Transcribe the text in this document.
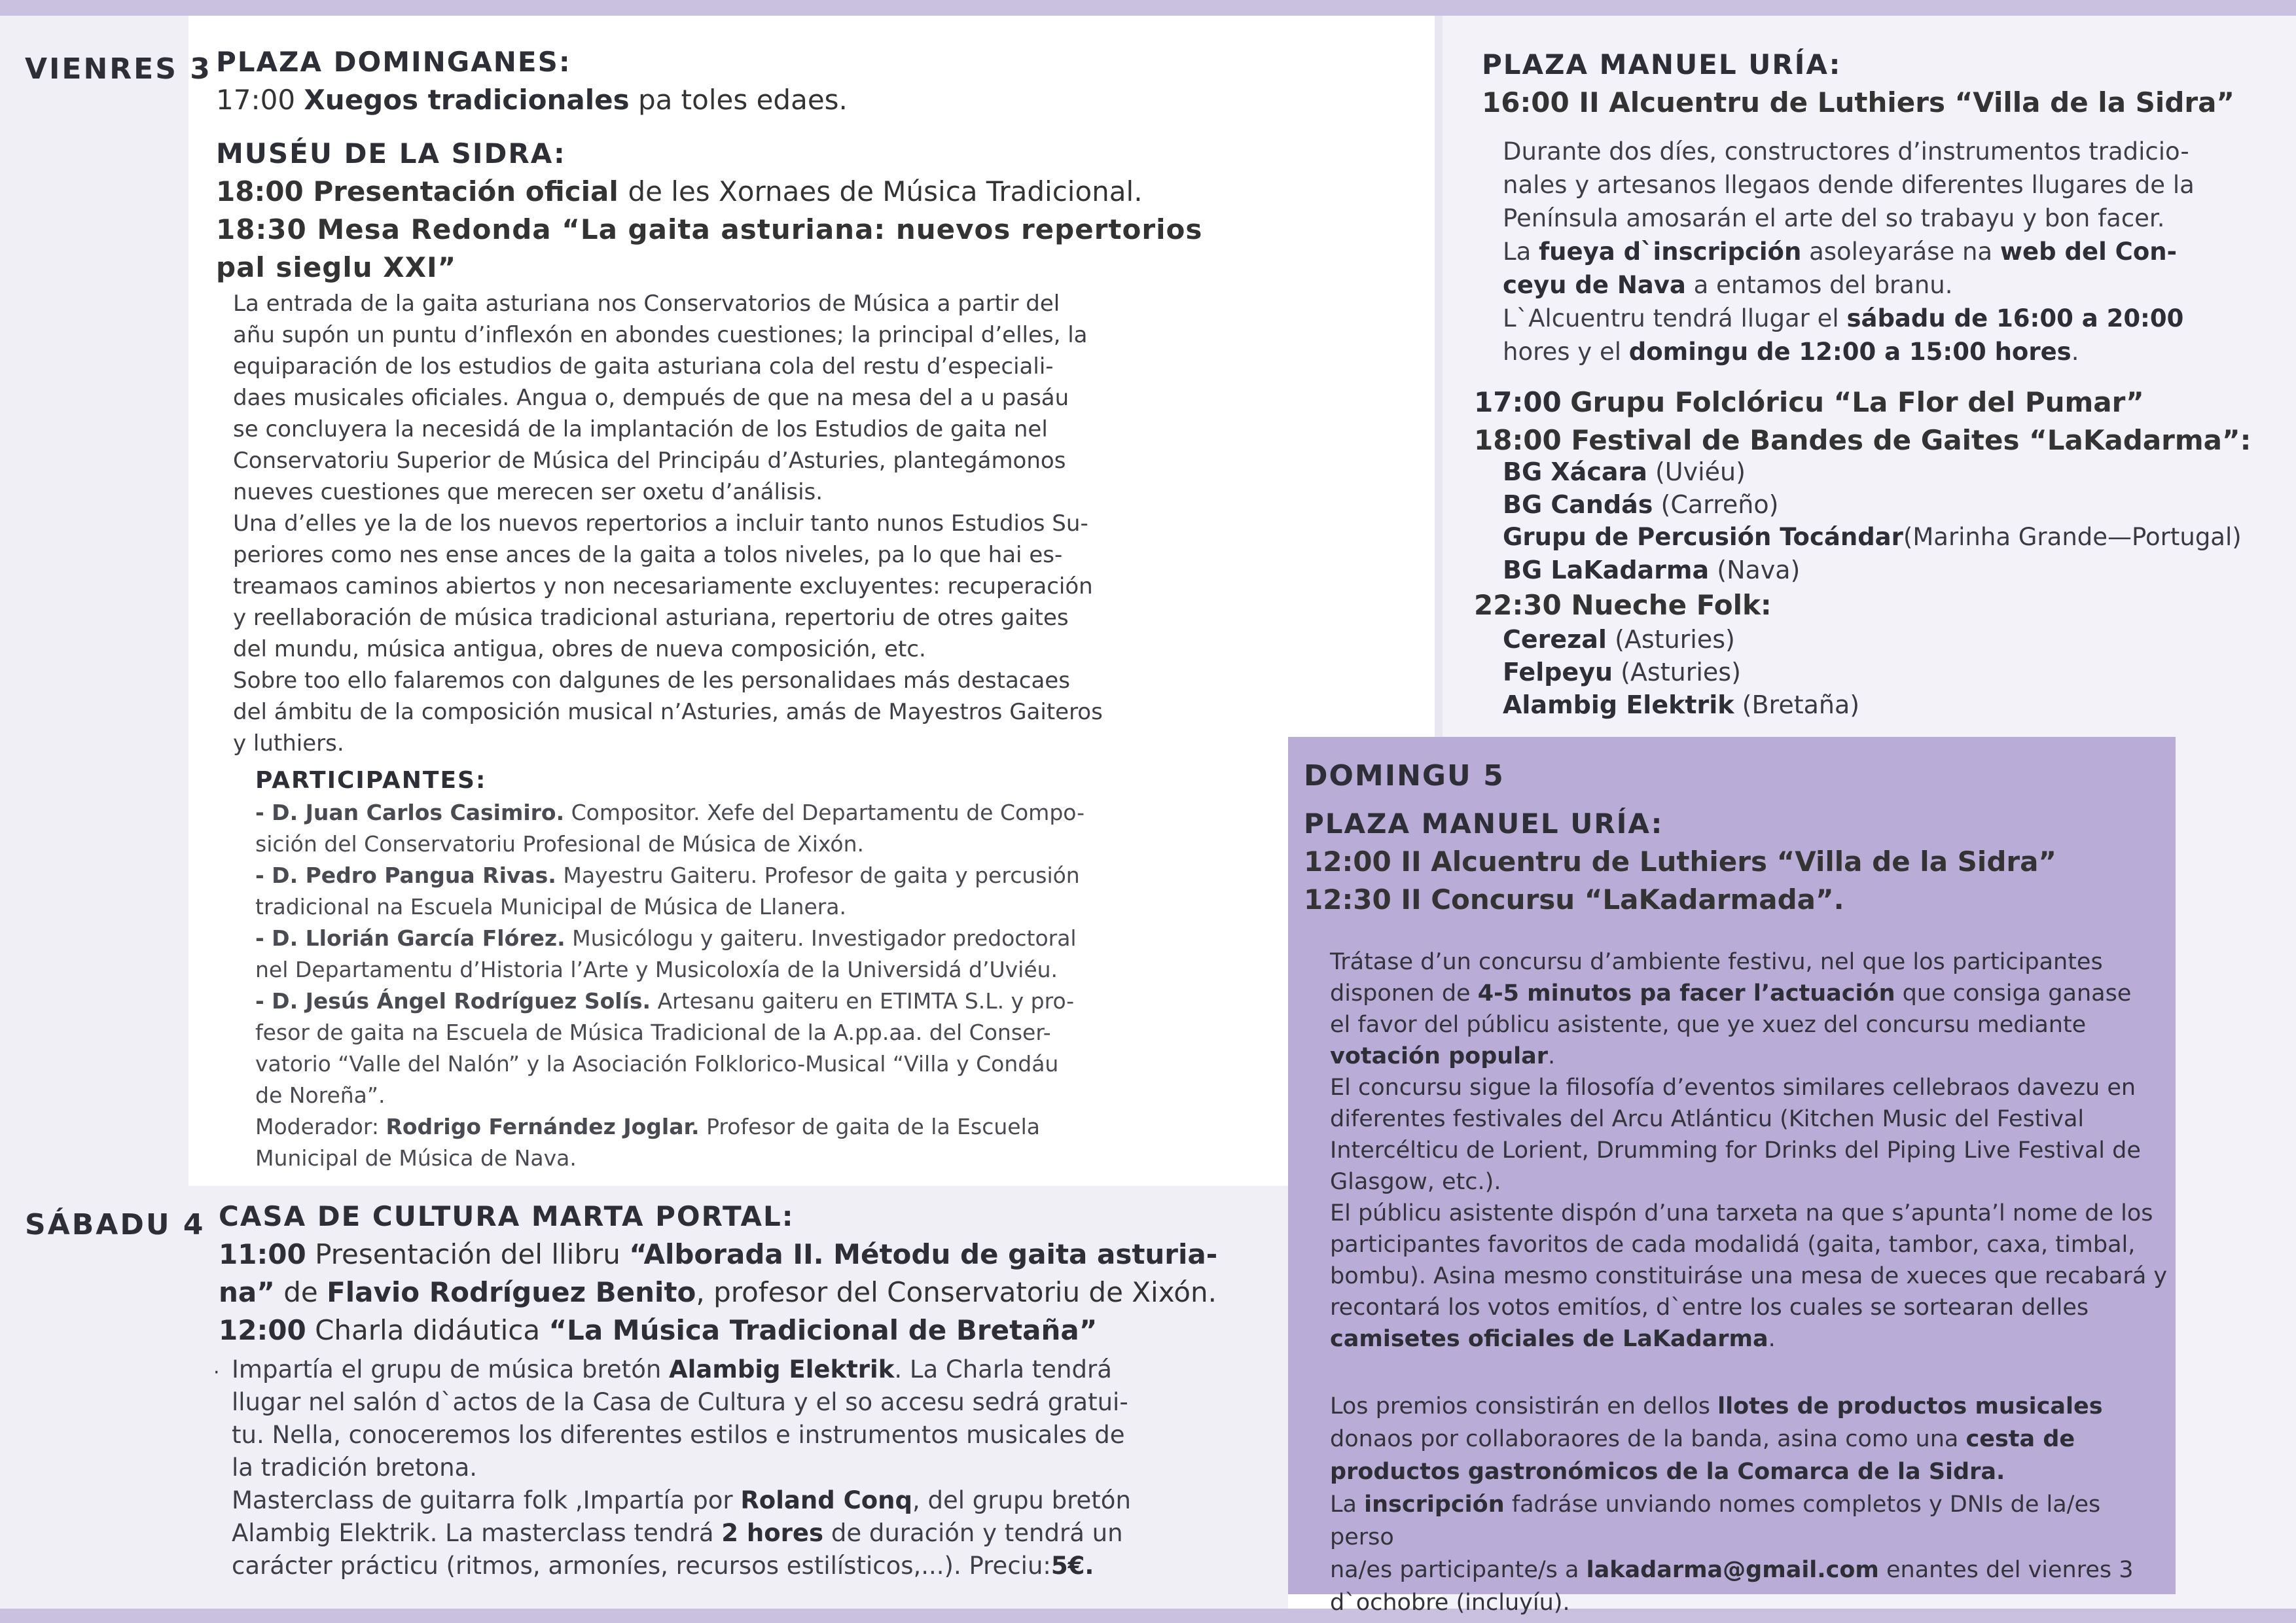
VIENRES 3 PLAZA DOMINGANES:
17:00 Xuegos tradicionales pa toles edaes.
MUSÉU DE LA SIDRA:
18:00 Presentación oficial de les Xornaes de Música Tradicional.
18:30 Mesa Redonda “La gaita asturiana: nuevos repertorios
pal sieglu XXI”
La entrada de la gaita asturiana nos Conservatorios de Música a partir del
añu supón un puntu d’inflexón en abondes cuestiones; la principal d’elles, la
equiparación de los estudios de gaita asturiana cola del restu d’especiali-
daes musicales oficiales. Angua o, dempués de que na mesa del a u pasáu
se concluyera la necesidá de la implantación de los Estudios de gaita nel
Conservatoriu Superior de Música del Principáu d’Asturies, plantegámonos
nueves cuestiones que merecen ser oxetu d’análisis.
Una d’elles ye la de los nuevos repertorios a incluir tanto nunos Estudios Su-
periores como nes ense ances de la gaita a tolos niveles, pa lo que hai es-
treamaos caminos abiertos y non necesariamente excluyentes: recuperación
y reellaboración de música tradicional asturiana, repertoriu de otres gaites
del mundu, música antigua, obres de nueva composición, etc.
Sobre too ello falaremos con dalgunes de les personalidaes más destacaes
del ámbitu de la composición musical n’Asturies, amás de Mayestros Gaiteros
y luthiers.
PARTICIPANTES:
- D. Juan Carlos Casimiro. Compositor. Xefe del Departamentu de Compo-
sición del Conservatoriu Profesional de Música de Xixón.
- D. Pedro Pangua Rivas. Mayestru Gaiteru. Profesor de gaita y percusión
tradicional na Escuela Municipal de Música de Llanera.
- D. Llorián García Flórez. Musicólogu y gaiteru. Investigador predoctoral
nel Departamentu d’Historia l’Arte y Musicoloxía de la Universidá d’Uviéu.
- D. Jesús Ángel Rodríguez Solís. Artesanu gaiteru en ETIMTA S.L. y pro-
fesor de gaita na Escuela de Música Tradicional de la A.pp.aa. del Conser-
vatorio “Valle del Nalón” y la Asociación Folklorico-Musical “Villa y Condáu
de Noreña”.
Moderador: Rodrigo Fernández Joglar. Profesor de gaita de la Escuela
Municipal de Música de Nava.
SÁBADU 4 CASA DE CULTURA MARTA PORTAL:
11:00 Presentación del llibru “Alborada II. Métodu de gaita asturia-
na” de Flavio Rodríguez Benito, profesor del Conservatoriu de Xixón.
12:00 Charla didáutica “La Música Tradicional de Bretaña”
· Impartía el grupu de música bretón Alambig Elektrik. La Charla tendrá
llugar nel salón d`actos de la Casa de Cultura y el so accesu sedrá gratui-
tu. Nella, conoceremos los diferentes estilos e instrumentos musicales de
la tradición bretona.
Masterclass de guitarra folk ,Impartía por Roland Conq, del grupu bretón
Alambig Elektrik. La masterclass tendrá 2 hores de duración y tendrá un
carácter prácticu (ritmos, armoníes, recursos estilísticos,...). Preciu:5€.
PLAZA MANUEL URÍA:
16:00 II Alcuentru de Luthiers “Villa de la Sidra”
Durante dos díes, constructores d’instrumentos tradicio-
nales y artesanos llegaos dende diferentes llugares de la
Península amosarán el arte del so trabayu y bon facer.
La fueya d`inscripción asoleyaráse na web del Con-
ceyu de Nava a entamos del branu.
L`Alcuentru tendrá llugar el sábadu de 16:00 a 20:00
hores y el domingu de 12:00 a 15:00 hores.
17:00 Grupu Folclóricu “La Flor del Pumar”
18:00 Festival de Bandes de Gaites “LaKadarma”:
BG Xácara (Uviéu)
BG Candás (Carreño)
Grupu de Percusión Tocándar(Marinha Grande—Portugal)
BG LaKadarma (Nava)
22:30 Nueche Folk:
Cerezal (Asturies)
Felpeyu (Asturies)
Alambig Elektrik (Bretaña)
DOMINGU 5
PLAZA MANUEL URÍA:
12:00 II Alcuentru de Luthiers “Villa de la Sidra”
12:30 II Concursu “LaKadarmada”.
Trátase d’un concursu d’ambiente festivu, nel que los participantes
disponen de 4-5 minutos pa facer l’actuación que consiga ganase
el favor del públicu asistente, que ye xuez del concursu mediante
votación popular.
El concursu sigue la filosofía d’eventos similares cellebraos davezu en
diferentes festivales del Arcu Atlánticu (Kitchen Music del Festival
Intercélticu de Lorient, Drumming for Drinks del Piping Live Festival de
Glasgow, etc.).
El públicu asistente dispón d’una tarxeta na que s’apunta’l nome de los
participantes favoritos de cada modalidá (gaita, tambor, caxa, timbal,
bombu). Asina mesmo constituiráse una mesa de xueces que recabará y
recontará los votos emitíos, d`entre los cuales se sortearan delles
camisetes oficiales de LaKadarma.
Los premios consistirán en dellos llotes de productos musicales
donaos por collaboraores de la banda, asina como una cesta de
productos gastronómicos de la Comarca de la Sidra.
La inscripción fadráse unviando nomes completos y DNIs de la/es perso
na/es participante/s a lakadarma@gmail.com enantes del vienres 3
d`ochobre (incluyíu).
